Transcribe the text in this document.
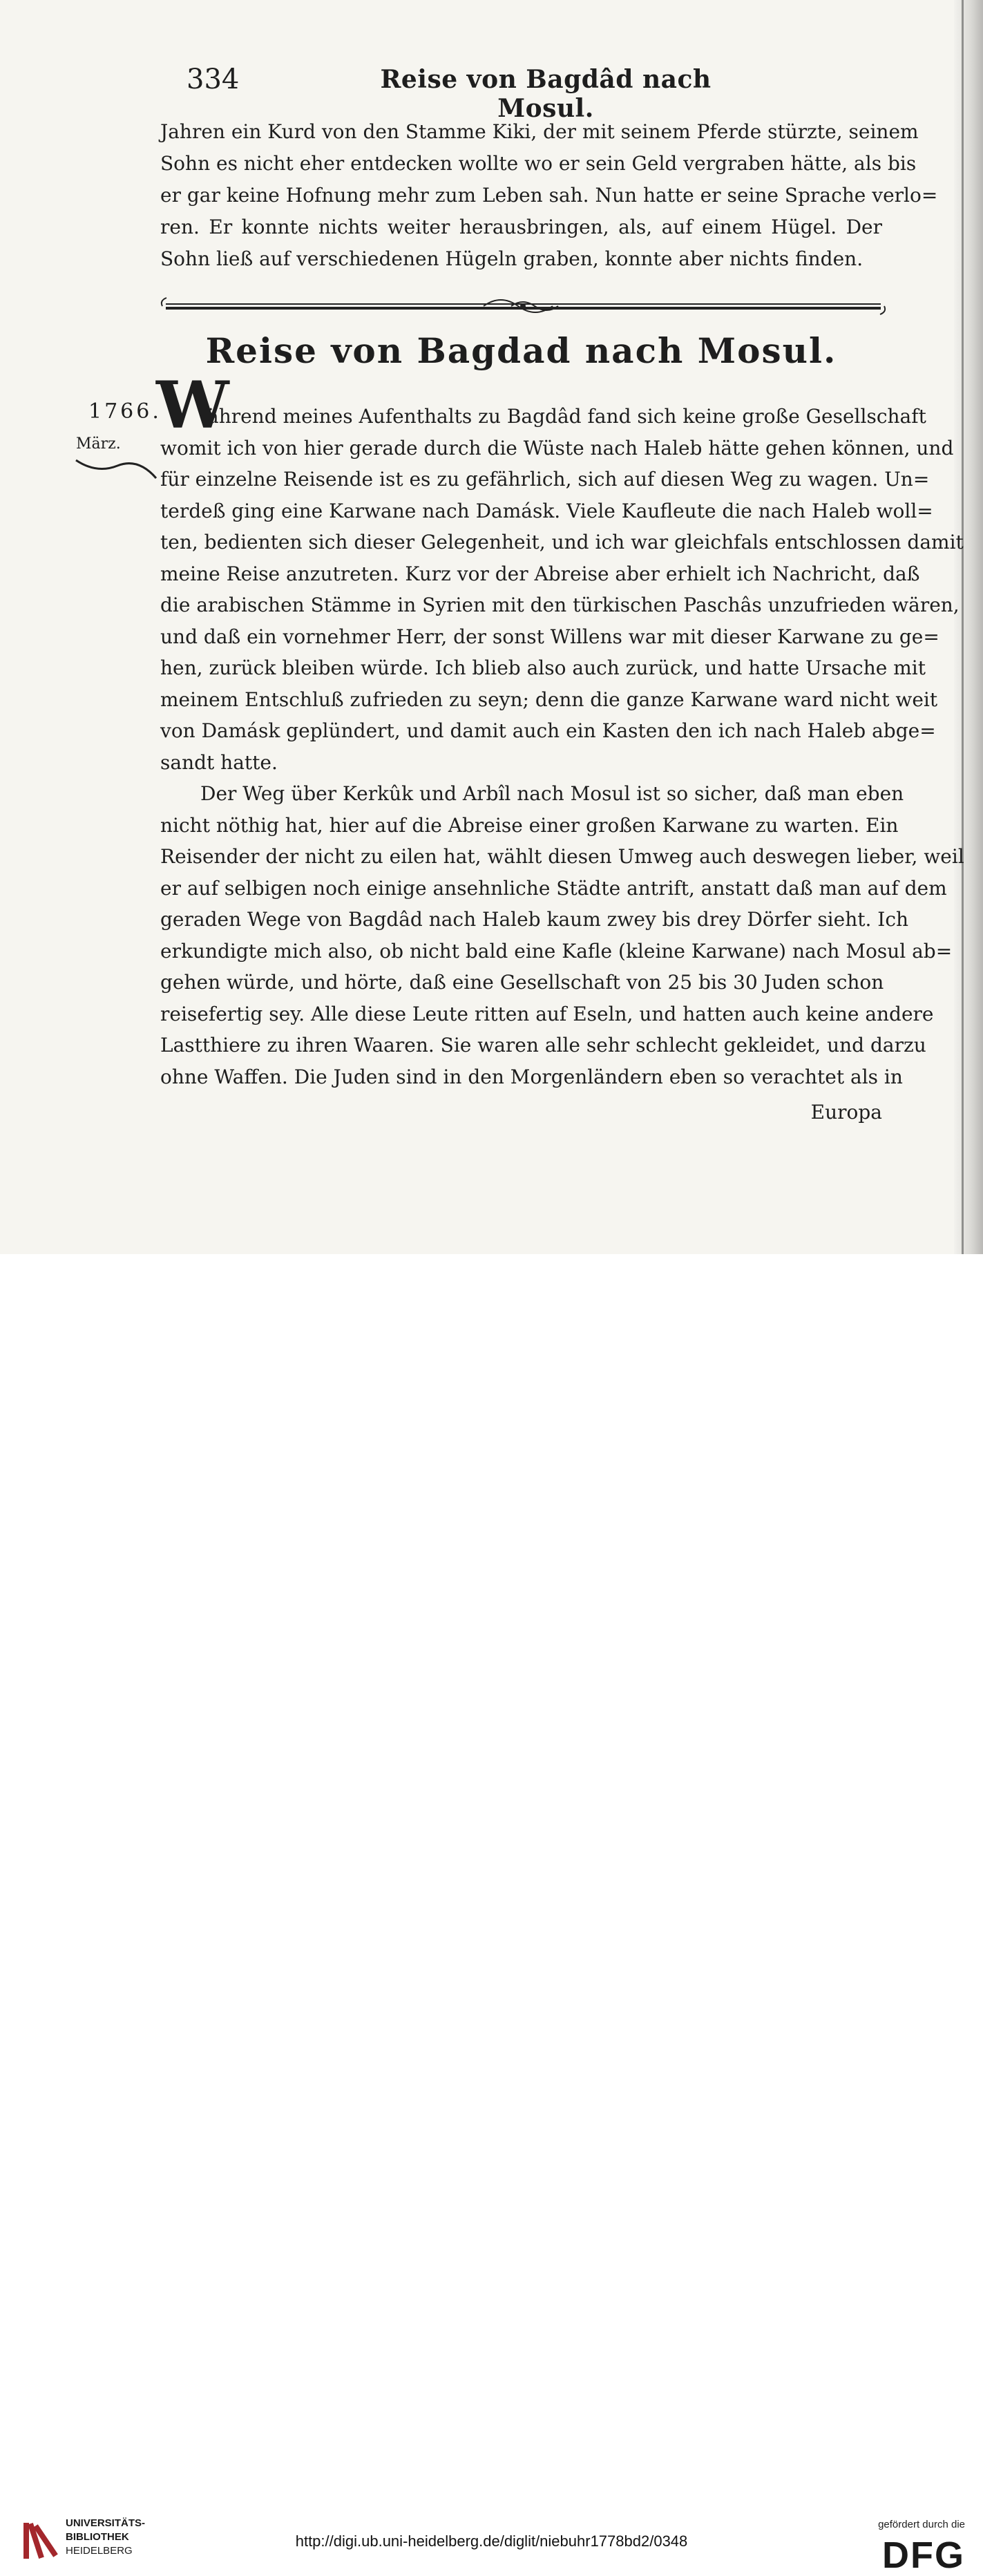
334	Reise von Bagdâd nach Mosul.
Jahren ein Kurd von den Stamme Kiki, der mit seinem Pferde stürzte, seinem
Sohn es nicht eher entdecken wollte wo er sein Geld vergraben hätte, als bis
er gar keine Hofnung mehr zum Leben sah. Nun hatte er seine Sprache verlo=
ren. Er konnte nichts weiter herausbringen, als, auf einem Hügel. Der
Sohn ließ auf verschiedenen Hügeln graben, konnte aber nichts finden.
Reise von Bagdad nach Mosul.
W
1766.
März.
ährend meines Aufenthalts zu Bagdâd fand sich keine große Gesellschaft
womit ich von hier gerade durch die Wüste nach Haleb hätte gehen können, und
für einzelne Reisende ist es zu gefährlich, sich auf diesen Weg zu wagen. Un=
terdeß ging eine Karwane nach Damásk. Viele Kaufleute die nach Haleb woll=
ten, bedienten sich dieser Gelegenheit, und ich war gleichfals entschlossen damit
meine Reise anzutreten. Kurz vor der Abreise aber erhielt ich Nachricht, daß
die arabischen Stämme in Syrien mit den türkischen Paschâs unzufrieden wären,
und daß ein vornehmer Herr, der sonst Willens war mit dieser Karwane zu ge=
hen, zurück bleiben würde. Ich blieb also auch zurück, und hatte Ursache mit
meinem Entschluß zufrieden zu seyn; denn die ganze Karwane ward nicht weit
von Damásk geplündert, und damit auch ein Kasten den ich nach Haleb abge=
sandt hatte.
Der Weg über Kerkûk und Arbîl nach Mosul ist so sicher, daß man eben
nicht nöthig hat, hier auf die Abreise einer großen Karwane zu warten. Ein
Reisender der nicht zu eilen hat, wählt diesen Umweg auch deswegen lieber, weil
er auf selbigen noch einige ansehnliche Städte antrift, anstatt daß man auf dem
geraden Wege von Bagdâd nach Haleb kaum zwey bis drey Dörfer sieht. Ich
erkundigte mich also, ob nicht bald eine Kafle (kleine Karwane) nach Mosul ab=
gehen würde, und hörte, daß eine Gesellschaft von 25 bis 30 Juden schon
reisefertig sey. Alle diese Leute ritten auf Eseln, und hatten auch keine andere
Lastthiere zu ihren Waaren. Sie waren alle sehr schlecht gekleidet, und darzu
ohne Waffen. Die Juden sind in den Morgenländern eben so verachtet als in
Europa
UNIVERSITÄTS-
BIBLIOTHEK
HEIDELBERG
http://digi.ub.uni-heidelberg.de/diglit/niebuhr1778bd2/0348
gefördert durch die
DFG
